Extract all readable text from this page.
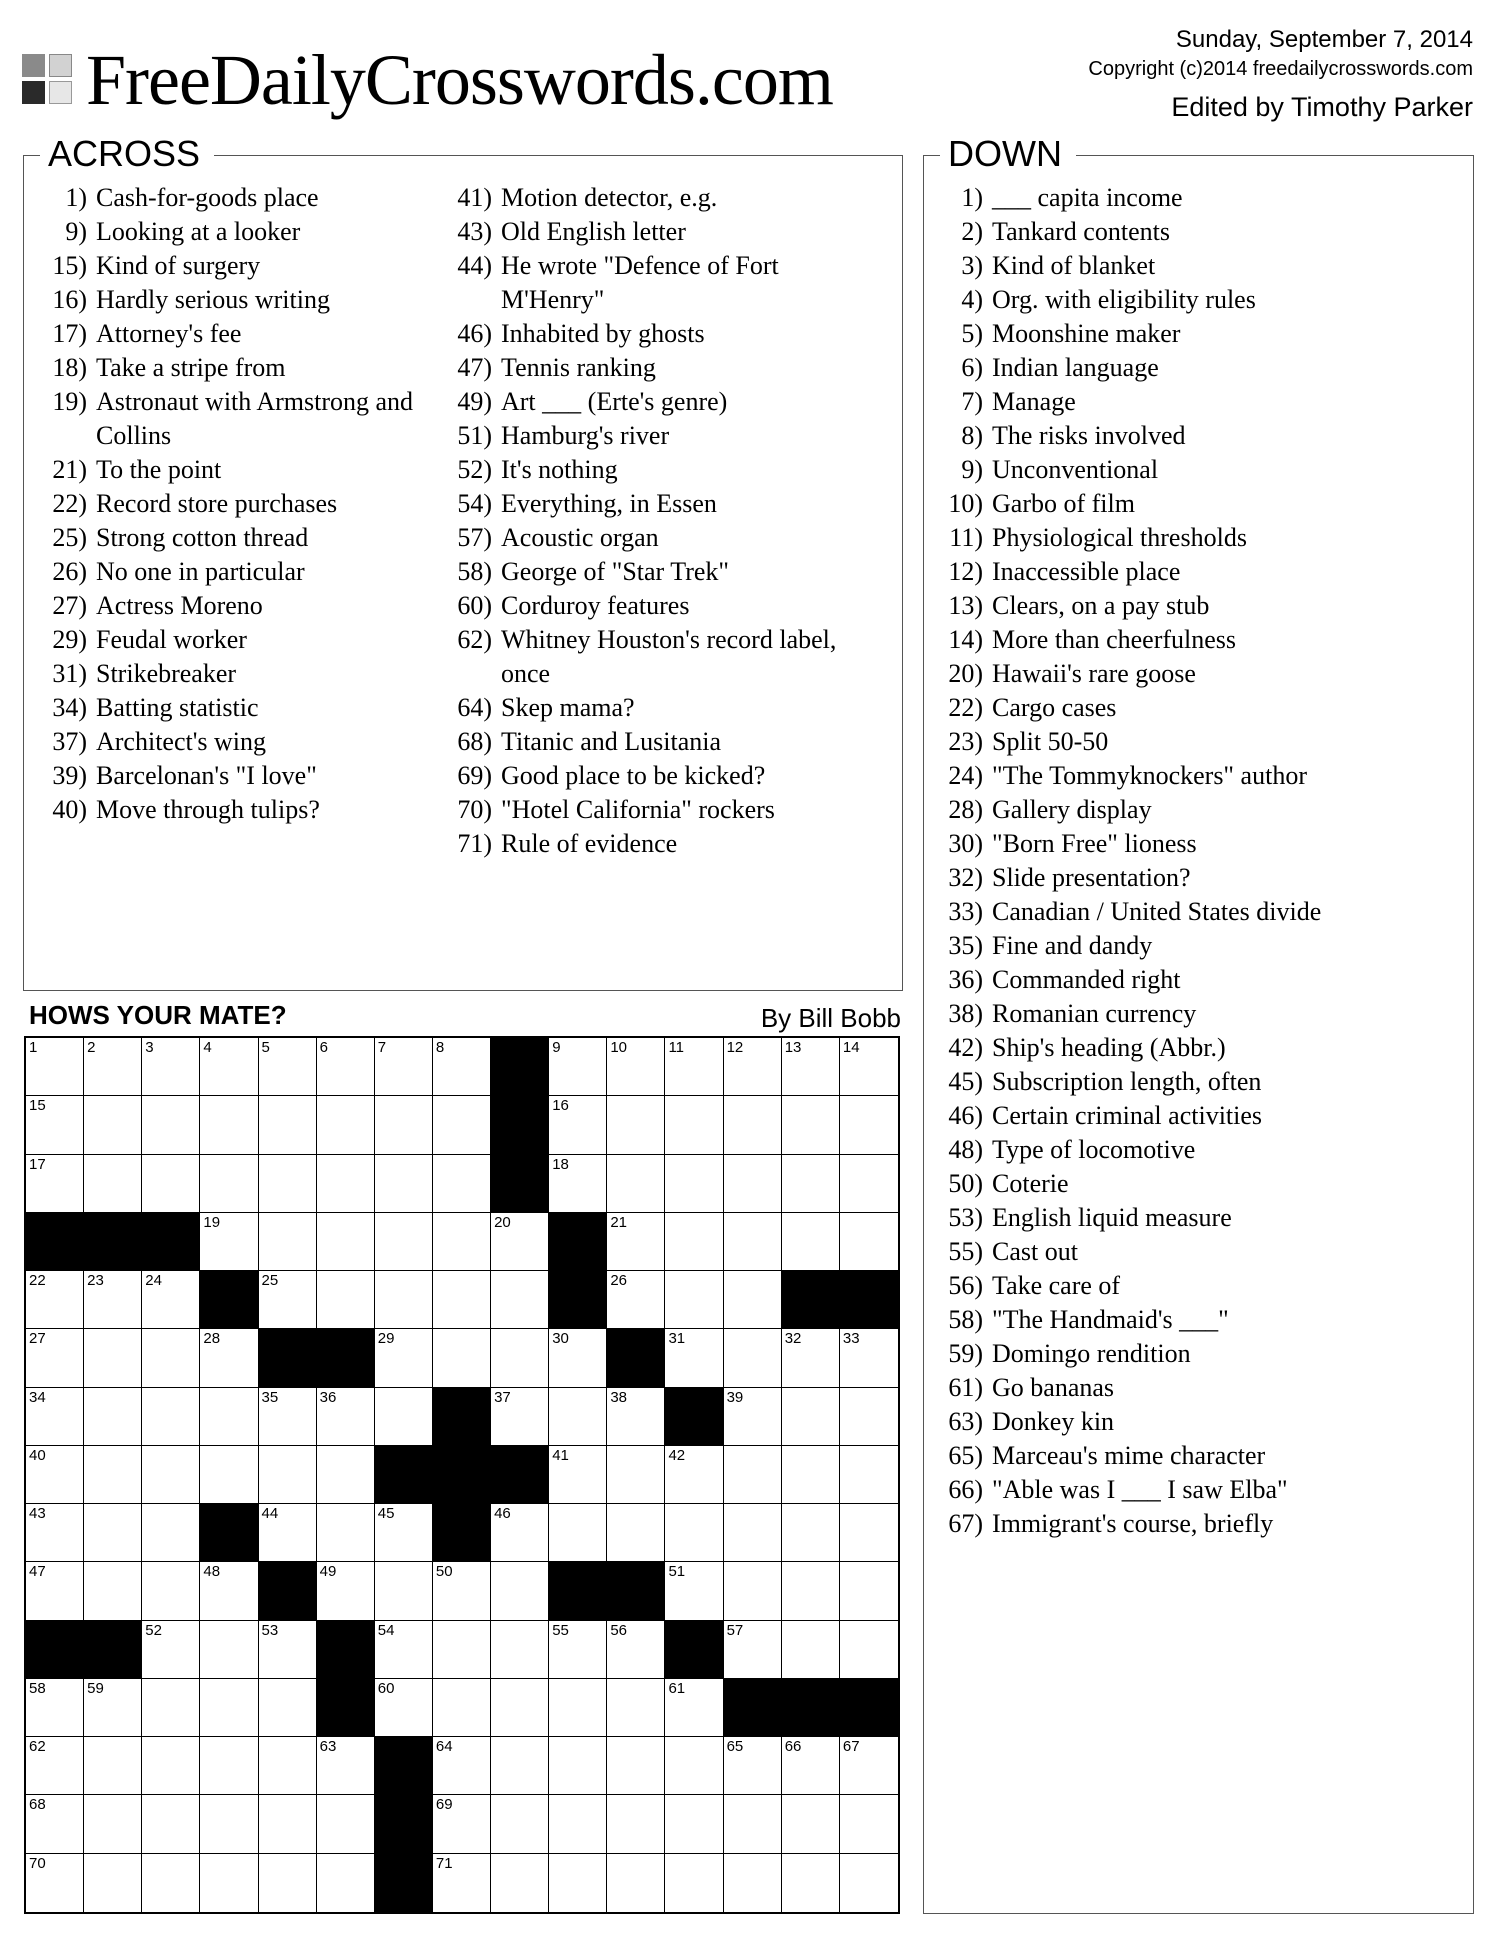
FreeDailyCrosswords.com
Sunday, September 7, 2014
Copyright (c)2014 freedailycrosswords.com
Edited by Timothy Parker
ACROSS
1) Cash-for-goods place
9) Looking at a looker
15) Kind of surgery
16) Hardly serious writing
17) Attorney's fee
18) Take a stripe from
19) Astronaut with Armstrong and Collins
21) To the point
22) Record store purchases
25) Strong cotton thread
26) No one in particular
27) Actress Moreno
29) Feudal worker
31) Strikebreaker
34) Batting statistic
37) Architect's wing
39) Barcelonan's "I love"
40) Move through tulips?
41) Motion detector, e.g.
43) Old English letter
44) He wrote "Defence of Fort M'Henry"
46) Inhabited by ghosts
47) Tennis ranking
49) Art ___ (Erte's genre)
51) Hamburg's river
52) It's nothing
54) Everything, in Essen
57) Acoustic organ
58) George of "Star Trek"
60) Corduroy features
62) Whitney Houston's record label, once
64) Skep mama?
68) Titanic and Lusitania
69) Good place to be kicked?
70) "Hotel California" rockers
71) Rule of evidence
DOWN
1) ___ capita income
2) Tankard contents
3) Kind of blanket
4) Org. with eligibility rules
5) Moonshine maker
6) Indian language
7) Manage
8) The risks involved
9) Unconventional
10) Garbo of film
11) Physiological thresholds
12) Inaccessible place
13) Clears, on a pay stub
14) More than cheerfulness
20) Hawaii's rare goose
22) Cargo cases
23) Split 50-50
24) "The Tommyknockers" author
28) Gallery display
30) "Born Free" lioness
32) Slide presentation?
33) Canadian / United States divide
35) Fine and dandy
36) Commanded right
38) Romanian currency
42) Ship's heading (Abbr.)
45) Subscription length, often
46) Certain criminal activities
48) Type of locomotive
50) Coterie
53) English liquid measure
55) Cast out
56) Take care of
58) "The Handmaid's ___"
59) Domingo rendition
61) Go bananas
63) Donkey kin
65) Marceau's mime character
66) "Able was I ___ I saw Elba"
67) Immigrant's course, briefly
HOWS YOUR MATE?	By Bill Bobb
1	2	3	4	5	6	7	8	9	10	11	12	13	14
15	16
17	18
19	20	21
22	23	24	25	26
27	28	29	30	31	32	33
34	35	36	37	38	39
40	41	42
43	44	45	46
47	48	49	50	51
52	53	54	55	56	57
58	59	60	61
62	63	64	65	66	67
68	69
70	71
